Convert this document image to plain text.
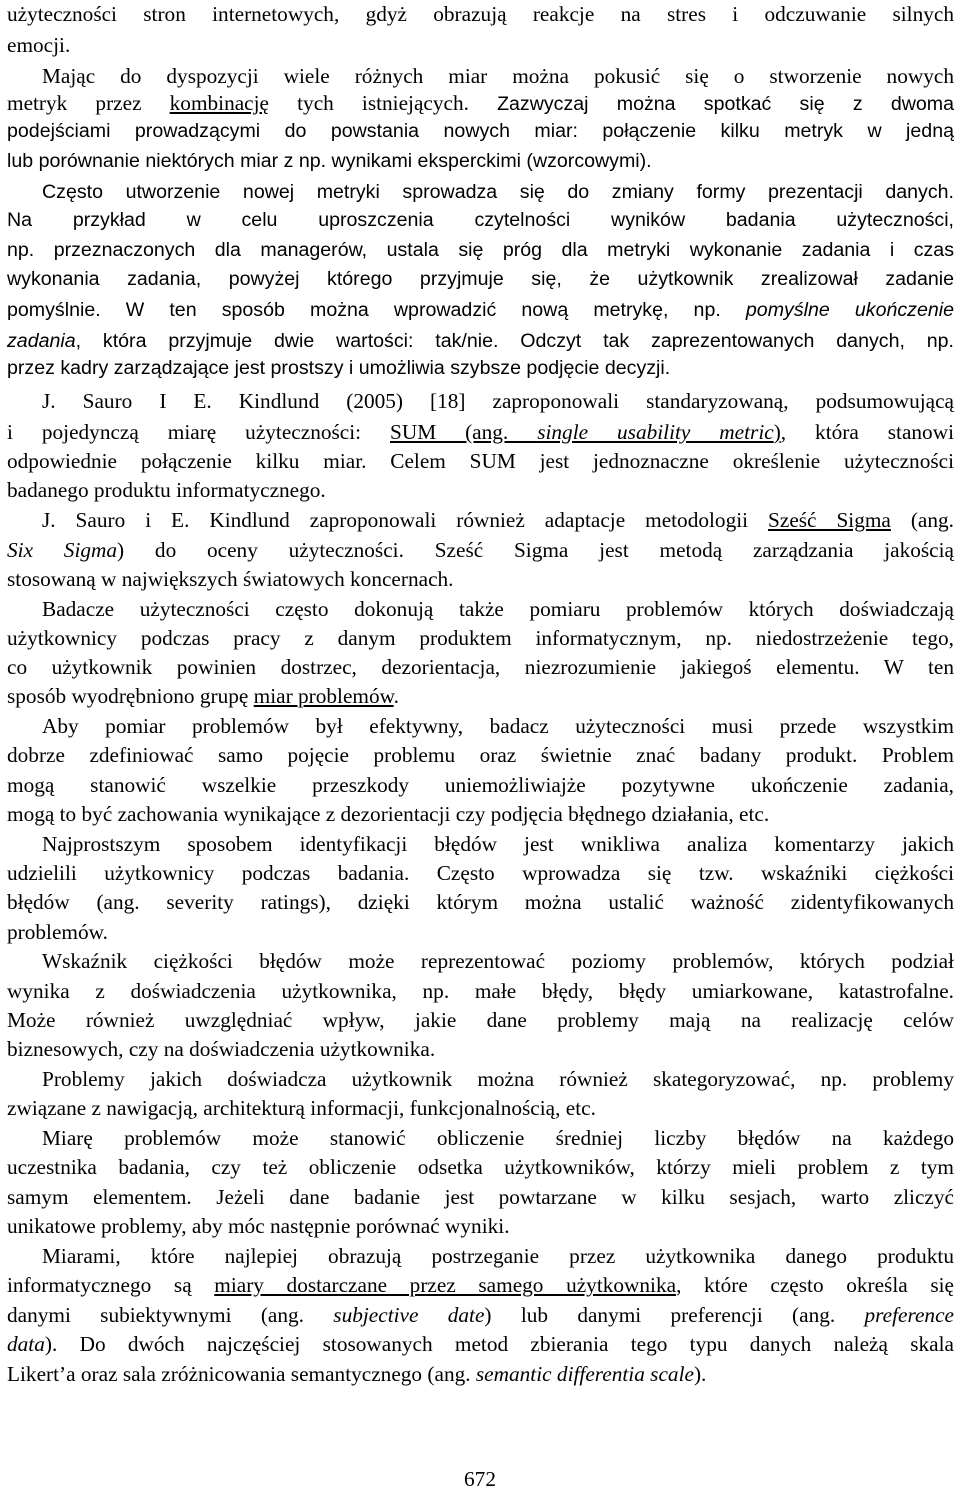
użyteczności stron internetowych, gdyż obrazują reakcje na stres i odczuwanie silnych
emocji.
Mając do dyspozycji wiele różnych miar można pokusić się o stworzenie nowych
metryk przez kombinację tych istniejących. Zazwyczaj można spotkać się z dwoma
podejściami prowadzącymi do powstania nowych miar: połączenie kilku metryk w jedną
lub porównanie niektórych miar z np. wynikami eksperckimi (wzorcowymi).
Często utworzenie nowej metryki sprowadza się do zmiany formy prezentacji danych.
Na przykład w celu uproszczenia czytelności wyników badania użyteczności,
np. przeznaczonych dla managerów, ustala się próg dla metryki wykonanie zadania i czas
wykonania zadania, powyżej którego przyjmuje się, że użytkownik zrealizował zadanie
pomyślnie. W ten sposób można wprowadzić nową metrykę, np. pomyślne ukończenie
zadania, która przyjmuje dwie wartości: tak/nie. Odczyt tak zaprezentowanych danych, np.
przez kadry zarządzające jest prostszy i umożliwia szybsze podjęcie decyzji.
J. Sauro I E. Kindlund (2005) [18] zaproponowali standaryzowaną, podsumowującą
i pojedynczą miarę użyteczności: SUM (ang. single usability metric), która stanowi
odpowiednie połączenie kilku miar. Celem SUM jest jednoznaczne określenie użyteczności
badanego produktu informatycznego.
J. Sauro i E. Kindlund zaproponowali również adaptacje metodologii Sześć Sigma (ang.
Six Sigma) do oceny użyteczności. Sześć Sigma jest metodą zarządzania jakością
stosowaną w największych światowych koncernach.
Badacze użyteczności często dokonują także pomiaru problemów których doświadczają
użytkownicy podczas pracy z danym produktem informatycznym, np. niedostrzeżenie tego,
co użytkownik powinien dostrzec, dezorientacja, niezrozumienie jakiegoś elementu. W ten
sposób wyodrębniono grupę miar problemów.
Aby pomiar problemów był efektywny, badacz użyteczności musi przede wszystkim
dobrze zdefiniować samo pojęcie problemu oraz świetnie znać badany produkt. Problem
mogą stanowić wszelkie przeszkody uniemożliwiajże pozytywne ukończenie zadania,
mogą to być zachowania wynikające z dezorientacji czy podjęcia błędnego działania, etc.
Najprostszym sposobem identyfikacji błędów jest wnikliwa analiza komentarzy jakich
udzielili użytkownicy podczas badania. Często wprowadza się tzw. wskaźniki ciężkości
błędów (ang. severity ratings), dzięki którym można ustalić ważność zidentyfikowanych
problemów.
Wskaźnik ciężkości błędów może reprezentować poziomy problemów, których podział
wynika z doświadczenia użytkownika, np. małe błędy, błędy umiarkowane, katastrofalne.
Może również uwzględniać wpływ, jakie dane problemy mają na realizację celów
biznesowych, czy na doświadczenia użytkownika.
Problemy jakich doświadcza użytkownik można również skategoryzować, np. problemy
związane z nawigacją, architekturą informacji, funkcjonalnością, etc.
Miarę problemów może stanowić obliczenie średniej liczby błędów na każdego
uczestnika badania, czy też obliczenie odsetka użytkowników, którzy mieli problem z tym
samym elementem. Jeżeli dane badanie jest powtarzane w kilku sesjach, warto zliczyć
unikatowe problemy, aby móc następnie porównać wyniki.
Miarami, które najlepiej obrazują postrzeganie przez użytkownika danego produktu
informatycznego są miary dostarczane przez samego użytkownika, które często określa się
danymi subiektywnymi (ang. subjective date) lub danymi preferencji (ang. preference
data). Do dwóch najczęściej stosowanych metod zbierania tego typu danych należą skala
Likert’a oraz sala zróżnicowania semantycznego (ang. semantic differentia scale).
672
